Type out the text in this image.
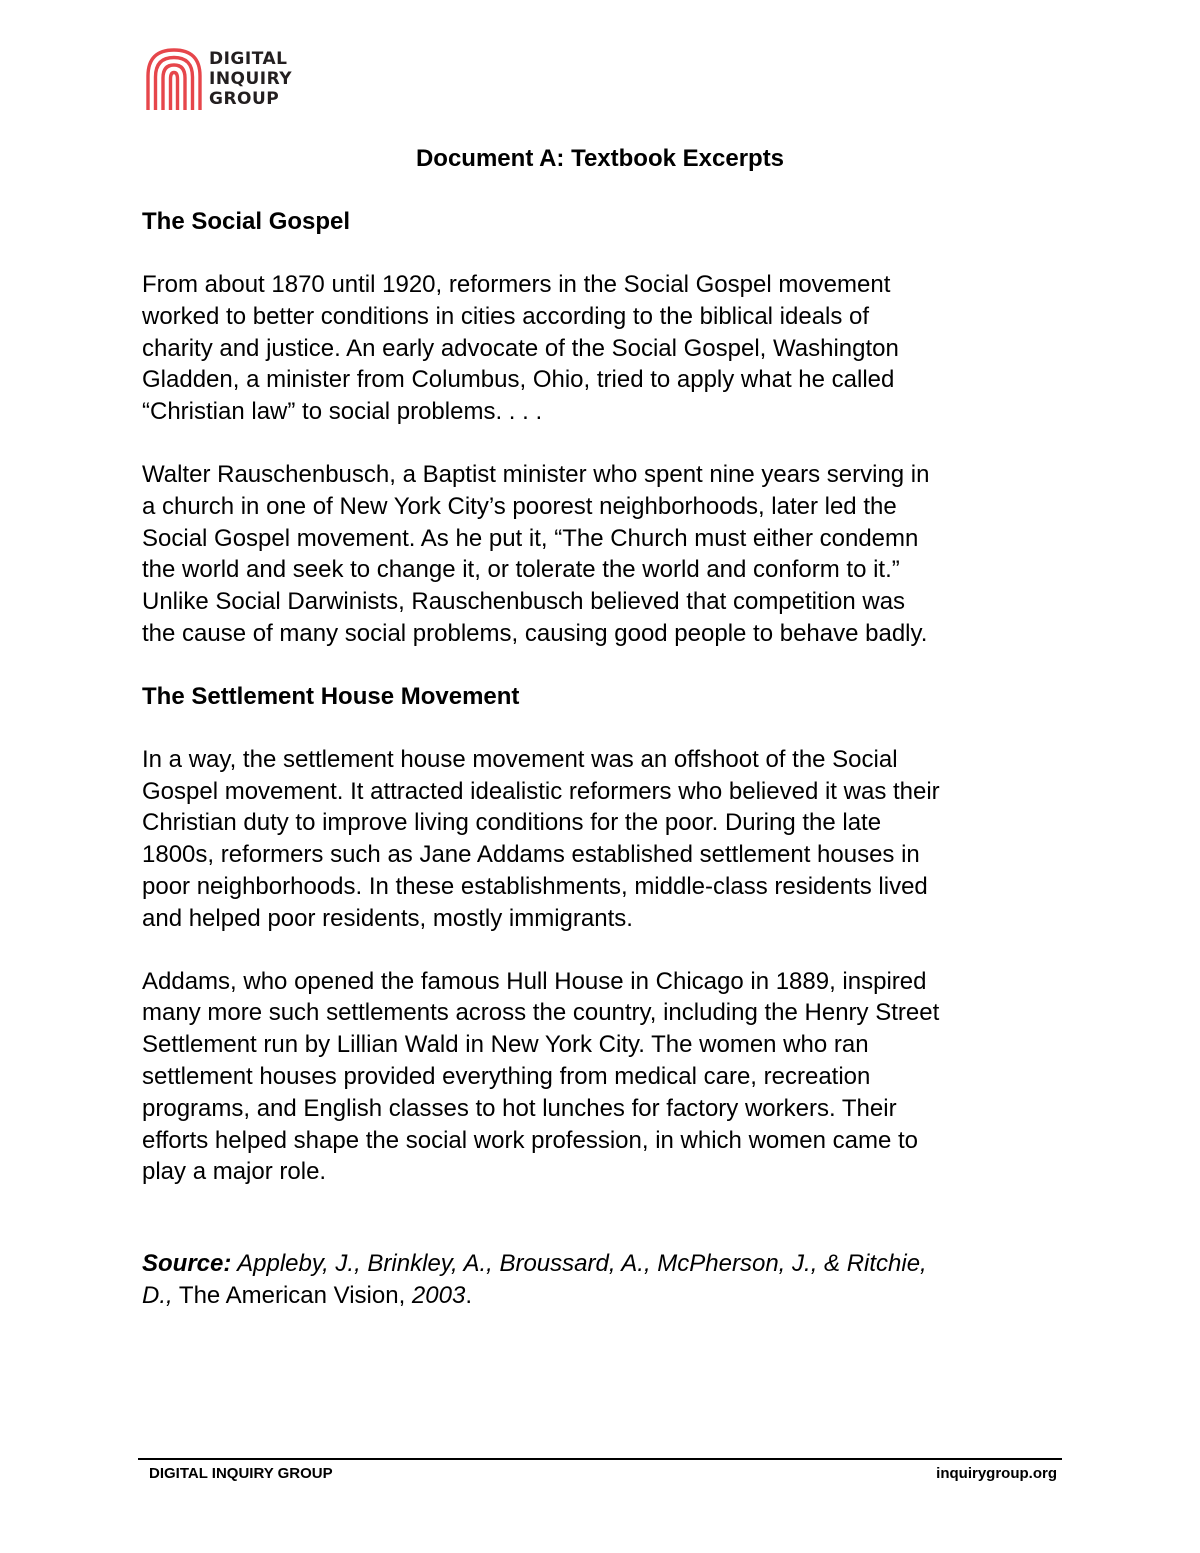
DIGITAL
INQUIRY
GROUP
Document A: Textbook Excerpts
The Social Gospel

From about 1870 until 1920, reformers in the Social Gospel movement
worked to better conditions in cities according to the biblical ideals of
charity and justice. An early advocate of the Social Gospel, Washington
Gladden, a minister from Columbus, Ohio, tried to apply what he called
“Christian law” to social problems. . . .

Walter Rauschenbusch, a Baptist minister who spent nine years serving in
a church in one of New York City’s poorest neighborhoods, later led the
Social Gospel movement. As he put it, “The Church must either condemn
the world and seek to change it, or tolerate the world and conform to it.”
Unlike Social Darwinists, Rauschenbusch believed that competition was
the cause of many social problems, causing good people to behave badly.

The Settlement House Movement

In a way, the settlement house movement was an offshoot of the Social
Gospel movement. It attracted idealistic reformers who believed it was their
Christian duty to improve living conditions for the poor. During the late
1800s, reformers such as Jane Addams established settlement houses in
poor neighborhoods. In these establishments, middle-class residents lived
and helped poor residents, mostly immigrants.

Addams, who opened the famous Hull House in Chicago in 1889, inspired
many more such settlements across the country, including the Henry Street
Settlement run by Lillian Wald in New York City. The women who ran
settlement houses provided everything from medical care, recreation
programs, and English classes to hot lunches for factory workers. Their
efforts helped shape the social work profession, in which women came to
play a major role.

Source: Appleby, J., Brinkley, A., Broussard, A., McPherson, J., & Ritchie,
D., The American Vision, 2003.
DIGITAL INQUIRY GROUP	inquirygroup.org
